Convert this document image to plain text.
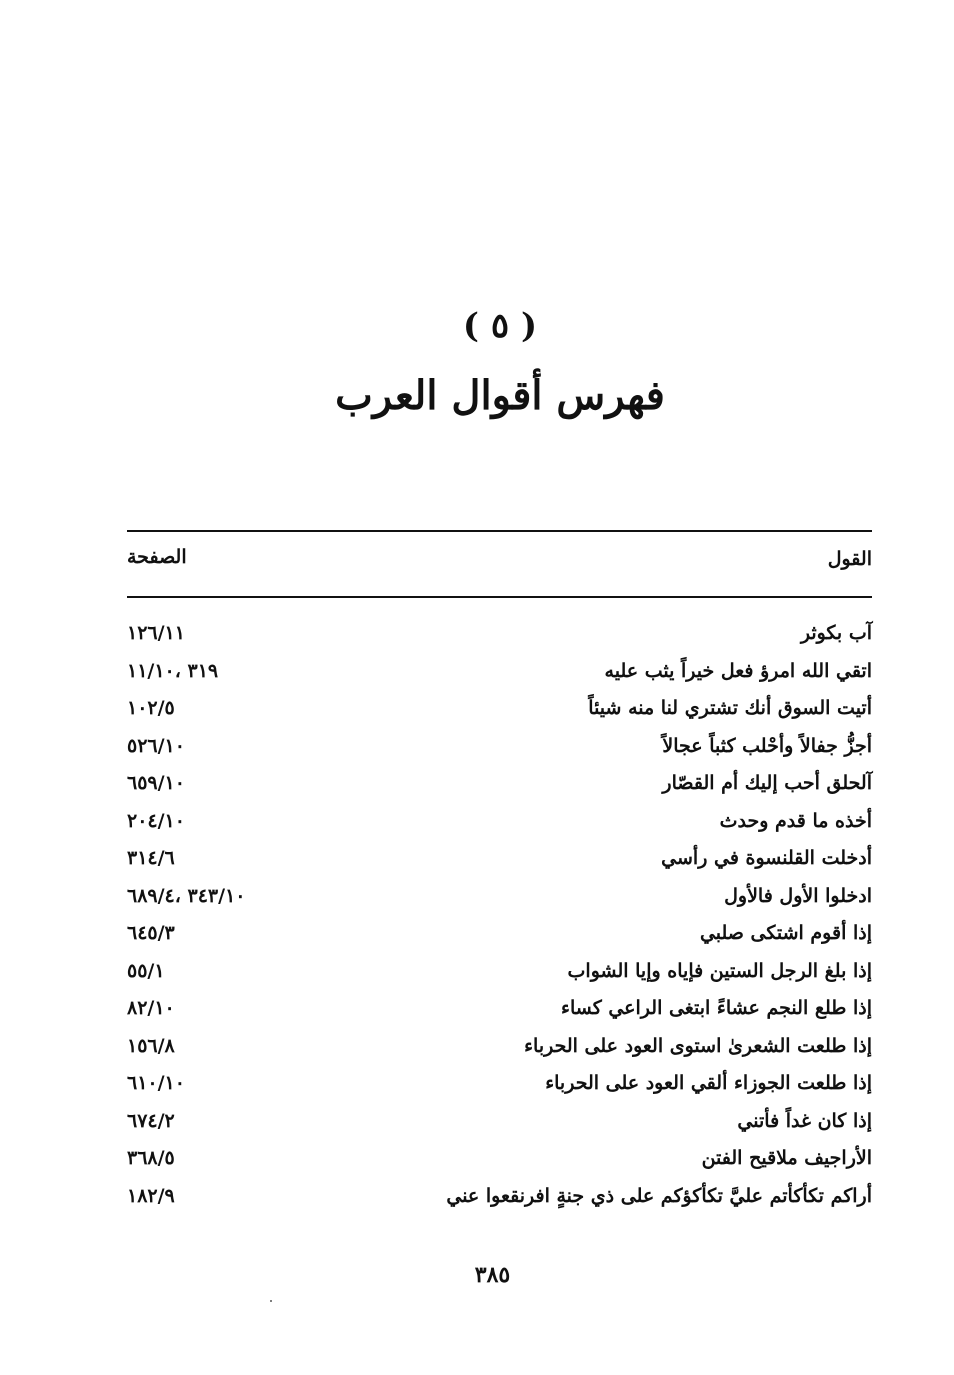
( ٥ )
فهرس أقوال العرب
القول
الصفحة
آب بكوثر
١٢٦/١١
اتقي الله امرؤ فعل خيراً يثب عليه
٣١٩ ،١١/١٠
أتيت السوق أنك تشتري لنا منه شيئاً
١٠٢/٥
أجزُّ جفالاً وأحْلب كثباً عجالاً
٥٢٦/١٠
آلحلق أحب إليك أم القصّار
٦٥٩/١٠
أخذه ما قدم وحدث
٢٠٤/١٠
أدخلت القلنسوة في رأسي
٣١٤/٦
ادخلوا الأول فالأول
٣٤٣/١٠ ،٦٨٩/٤
إذا أقوم اشتكى صلبي
٦٤٥/٣
إذا بلغ الرجل الستين فإياه وإيا الشواب
٥٥/١
إذا طلع النجم عشاءً ابتغى الراعي كساء
٨٢/١٠
إذا طلعت الشعرىٰ استوى العود على الحرباء
١٥٦/٨
إذا طلعت الجوزاء ألقي العود على الحرباء
٦١٠/١٠
إذا كان غداً فأتني
٦٧٤/٢
الأراجيف ملاقيح الفتن
٣٦٨/٥
أراكم تكأكأتم عليَّ تكأكؤكم على ذي جنةٍ افرنقعوا عني
١٨٢/٩
٣٨٥
